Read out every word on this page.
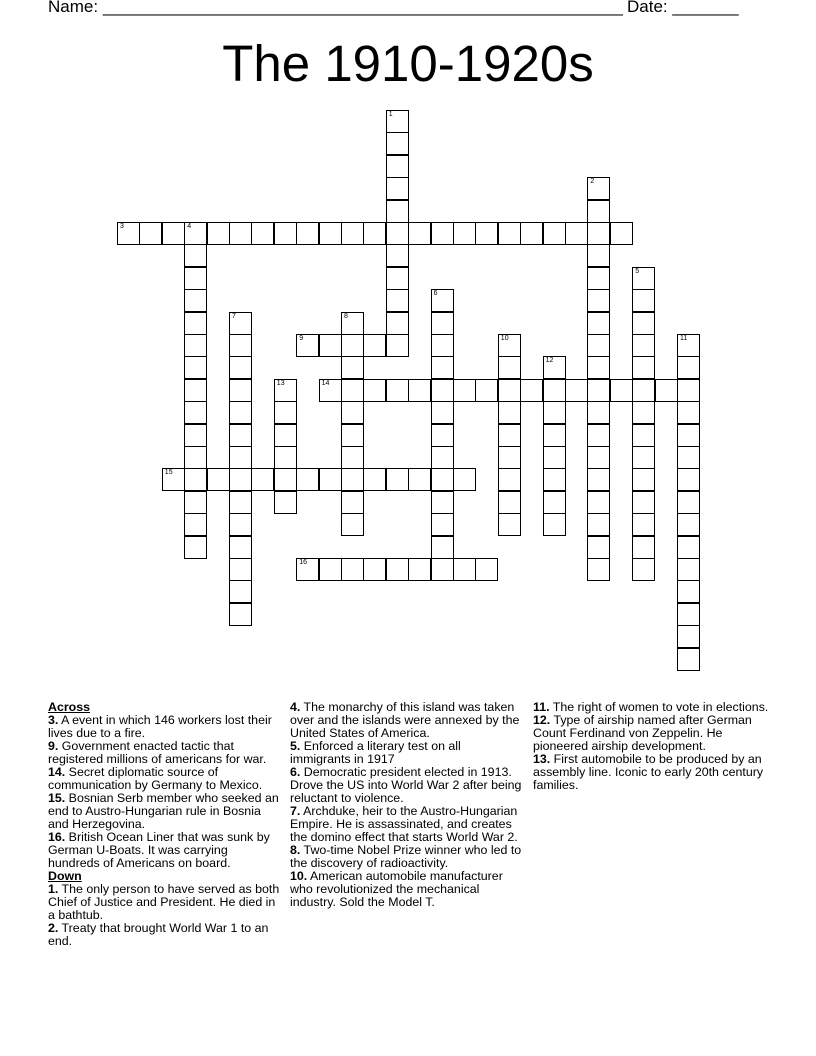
Name: _______________________________________________________ Date: _______
The 1910-1920s
1
2
3	4
5
6
7	8
9	10	11
12
13	14
15
16
Across
3. A event in which 146 workers lost their lives due to a fire.
9. Government enacted tactic that registered millions of americans for war.
14. Secret diplomatic source of communication by Germany to Mexico.
15. Bosnian Serb member who seeked an end to Austro-Hungarian rule in Bosnia and Herzegovina.
16. British Ocean Liner that was sunk by German U-Boats. It was carrying hundreds of Americans on board.
Down
1. The only person to have served as both Chief of Justice and President. He died in a bathtub.
2. Treaty that brought World War 1 to an end.
4. The monarchy of this island was taken over and the islands were annexed by the United States of America.
5. Enforced a literary test on all immigrants in 1917
6. Democratic president elected in 1913. Drove the US into World War 2 after being reluctant to violence.
7. Archduke, heir to the Austro-Hungarian Empire. He is assassinated, and creates the domino effect that starts World War 2.
8. Two-time Nobel Prize winner who led to the discovery of radioactivity.
10. American automobile manufacturer who revolutionized the mechanical industry. Sold the Model T.
11. The right of women to vote in elections.
12. Type of airship named after German Count Ferdinand von Zeppelin. He pioneered airship development.
13. First automobile to be produced by an assembly line. Iconic to early 20th century families.
